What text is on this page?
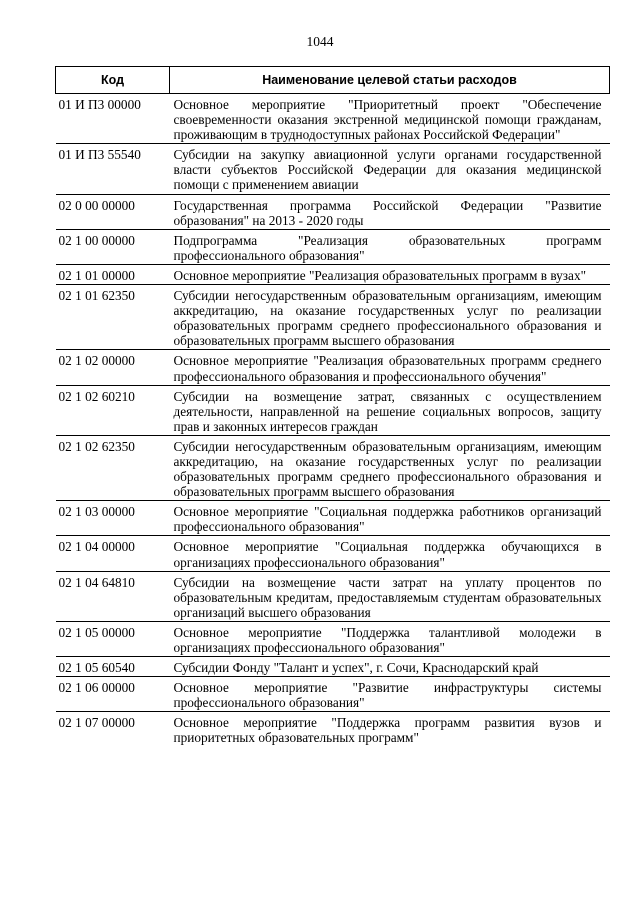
1044
Код	Наименование целевой статьи расходов
01 И П3 00000	Основное мероприятие "Приоритетный проект "Обеспечение своевременности оказания экстренной медицинской помощи гражданам, проживающим в труднодоступных районах Российской Федерации"
01 И П3 55540	Субсидии на закупку авиационной услуги органами государственной власти субъектов Российской Федерации для оказания медицинской помощи с применением авиации
02 0 00 00000	Государственная программа Российской Федерации "Развитие образования" на 2013 - 2020 годы
02 1 00 00000	Подпрограмма "Реализация образовательных программ профессионального образования"
02 1 01 00000	Основное мероприятие "Реализация образовательных программ в вузах"
02 1 01 62350	Субсидии негосударственным образовательным организациям, имеющим аккредитацию, на оказание государственных услуг по реализации образовательных программ среднего профессионального образования и образовательных программ высшего образования
02 1 02 00000	Основное мероприятие "Реализация образовательных программ среднего профессионального образования и профессионального обучения"
02 1 02 60210	Субсидии на возмещение затрат, связанных с осуществлением деятельности, направленной на решение социальных вопросов, защиту прав и законных интересов граждан
02 1 02 62350	Субсидии негосударственным образовательным организациям, имеющим аккредитацию, на оказание государственных услуг по реализации образовательных программ среднего профессионального образования и образовательных программ высшего образования
02 1 03 00000	Основное мероприятие "Социальная поддержка работников организаций профессионального образования"
02 1 04 00000	Основное мероприятие "Социальная поддержка обучающихся в организациях профессионального образования"
02 1 04 64810	Субсидии на возмещение части затрат на уплату процентов по образовательным кредитам, предоставляемым студентам образовательных организаций высшего образования
02 1 05 00000	Основное мероприятие "Поддержка талантливой молодежи в организациях профессионального образования"
02 1 05 60540	Субсидии Фонду "Талант и успех", г. Сочи, Краснодарский край
02 1 06 00000	Основное мероприятие "Развитие инфраструктуры системы профессионального образования"
02 1 07 00000	Основное мероприятие "Поддержка программ развития вузов и приоритетных образовательных программ"
